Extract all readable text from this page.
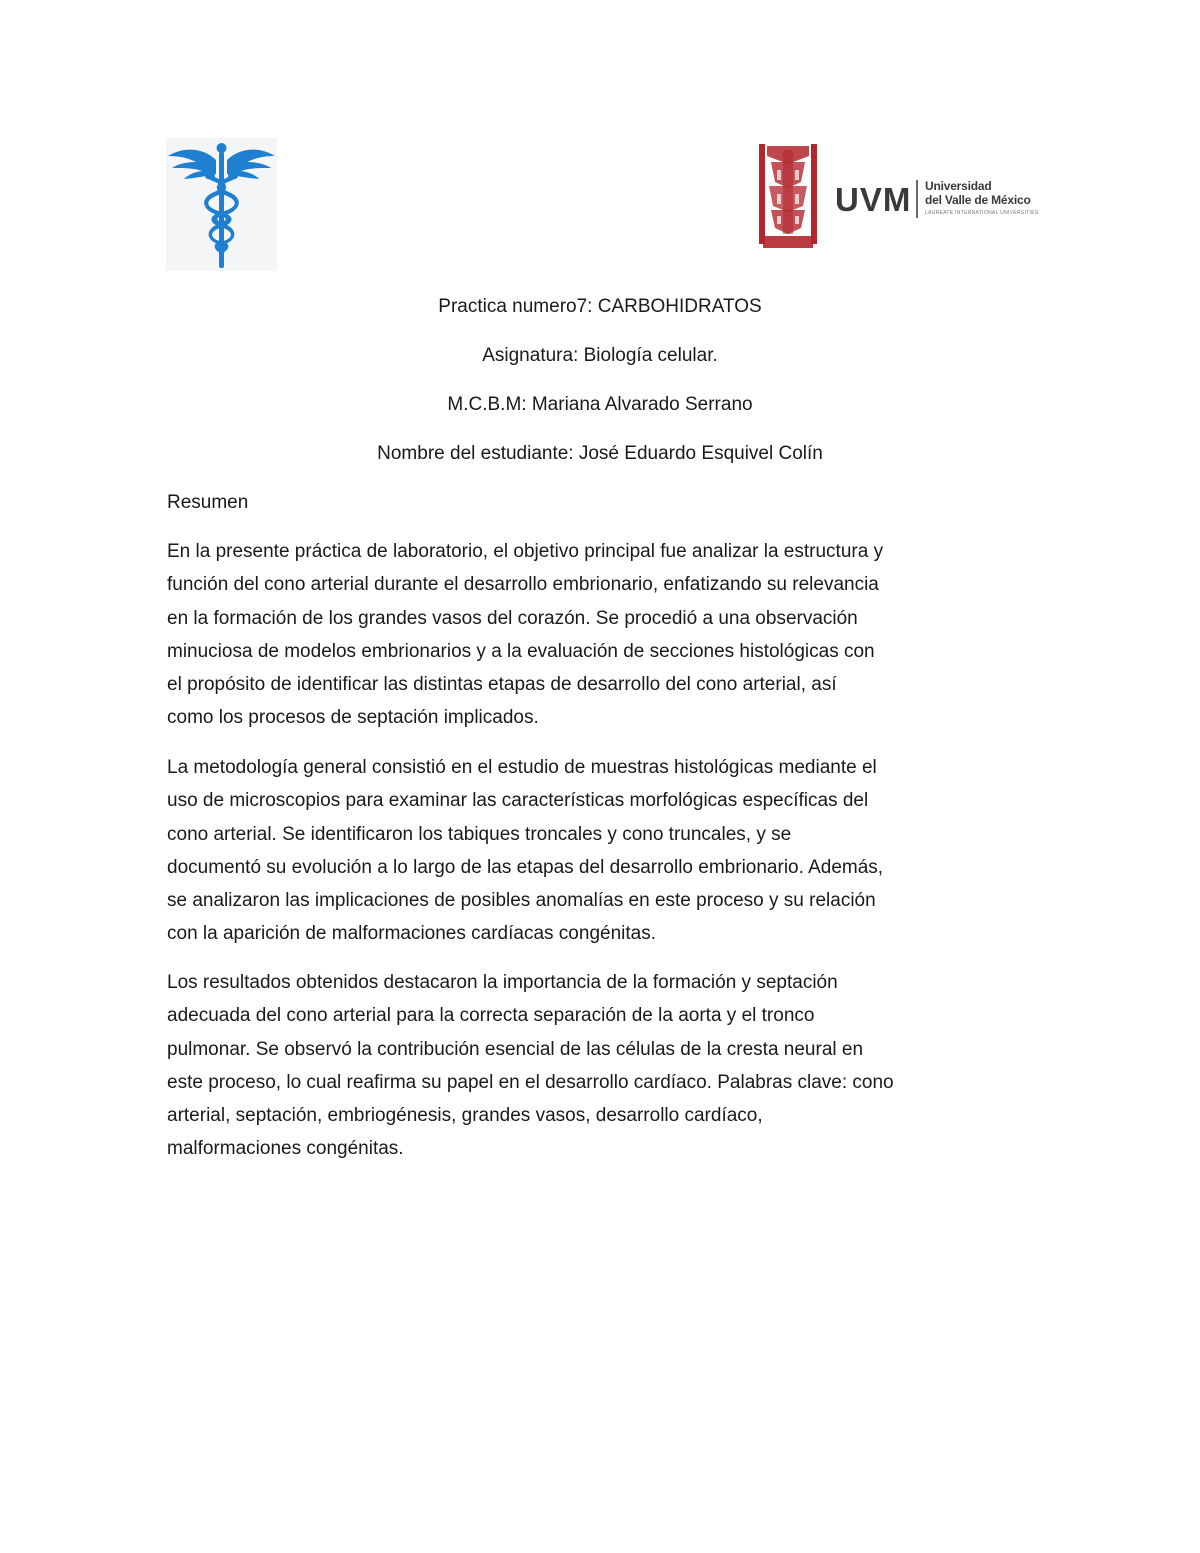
UVM Universidad
del Valle de México
LAUREATE INTERNATIONAL UNIVERSITIES
Practica numero7: CARBOHIDRATOS
Asignatura: Biología celular.
M.C.B.M: Mariana Alvarado Serrano
Nombre del estudiante: José Eduardo Esquivel Colín
Resumen
En la presente práctica de laboratorio, el objetivo principal fue analizar la estructura y
función del cono arterial durante el desarrollo embrionario, enfatizando su relevancia
en la formación de los grandes vasos del corazón. Se procedió a una observación
minuciosa de modelos embrionarios y a la evaluación de secciones histológicas con
el propósito de identificar las distintas etapas de desarrollo del cono arterial, así
como los procesos de septación implicados.
La metodología general consistió en el estudio de muestras histológicas mediante el
uso de microscopios para examinar las características morfológicas específicas del
cono arterial. Se identificaron los tabiques troncales y cono truncales, y se
documentó su evolución a lo largo de las etapas del desarrollo embrionario. Además,
se analizaron las implicaciones de posibles anomalías en este proceso y su relación
con la aparición de malformaciones cardíacas congénitas.
Los resultados obtenidos destacaron la importancia de la formación y septación
adecuada del cono arterial para la correcta separación de la aorta y el tronco
pulmonar. Se observó la contribución esencial de las células de la cresta neural en
este proceso, lo cual reafirma su papel en el desarrollo cardíaco. Palabras clave: cono
arterial, septación, embriogénesis, grandes vasos, desarrollo cardíaco,
malformaciones congénitas.
